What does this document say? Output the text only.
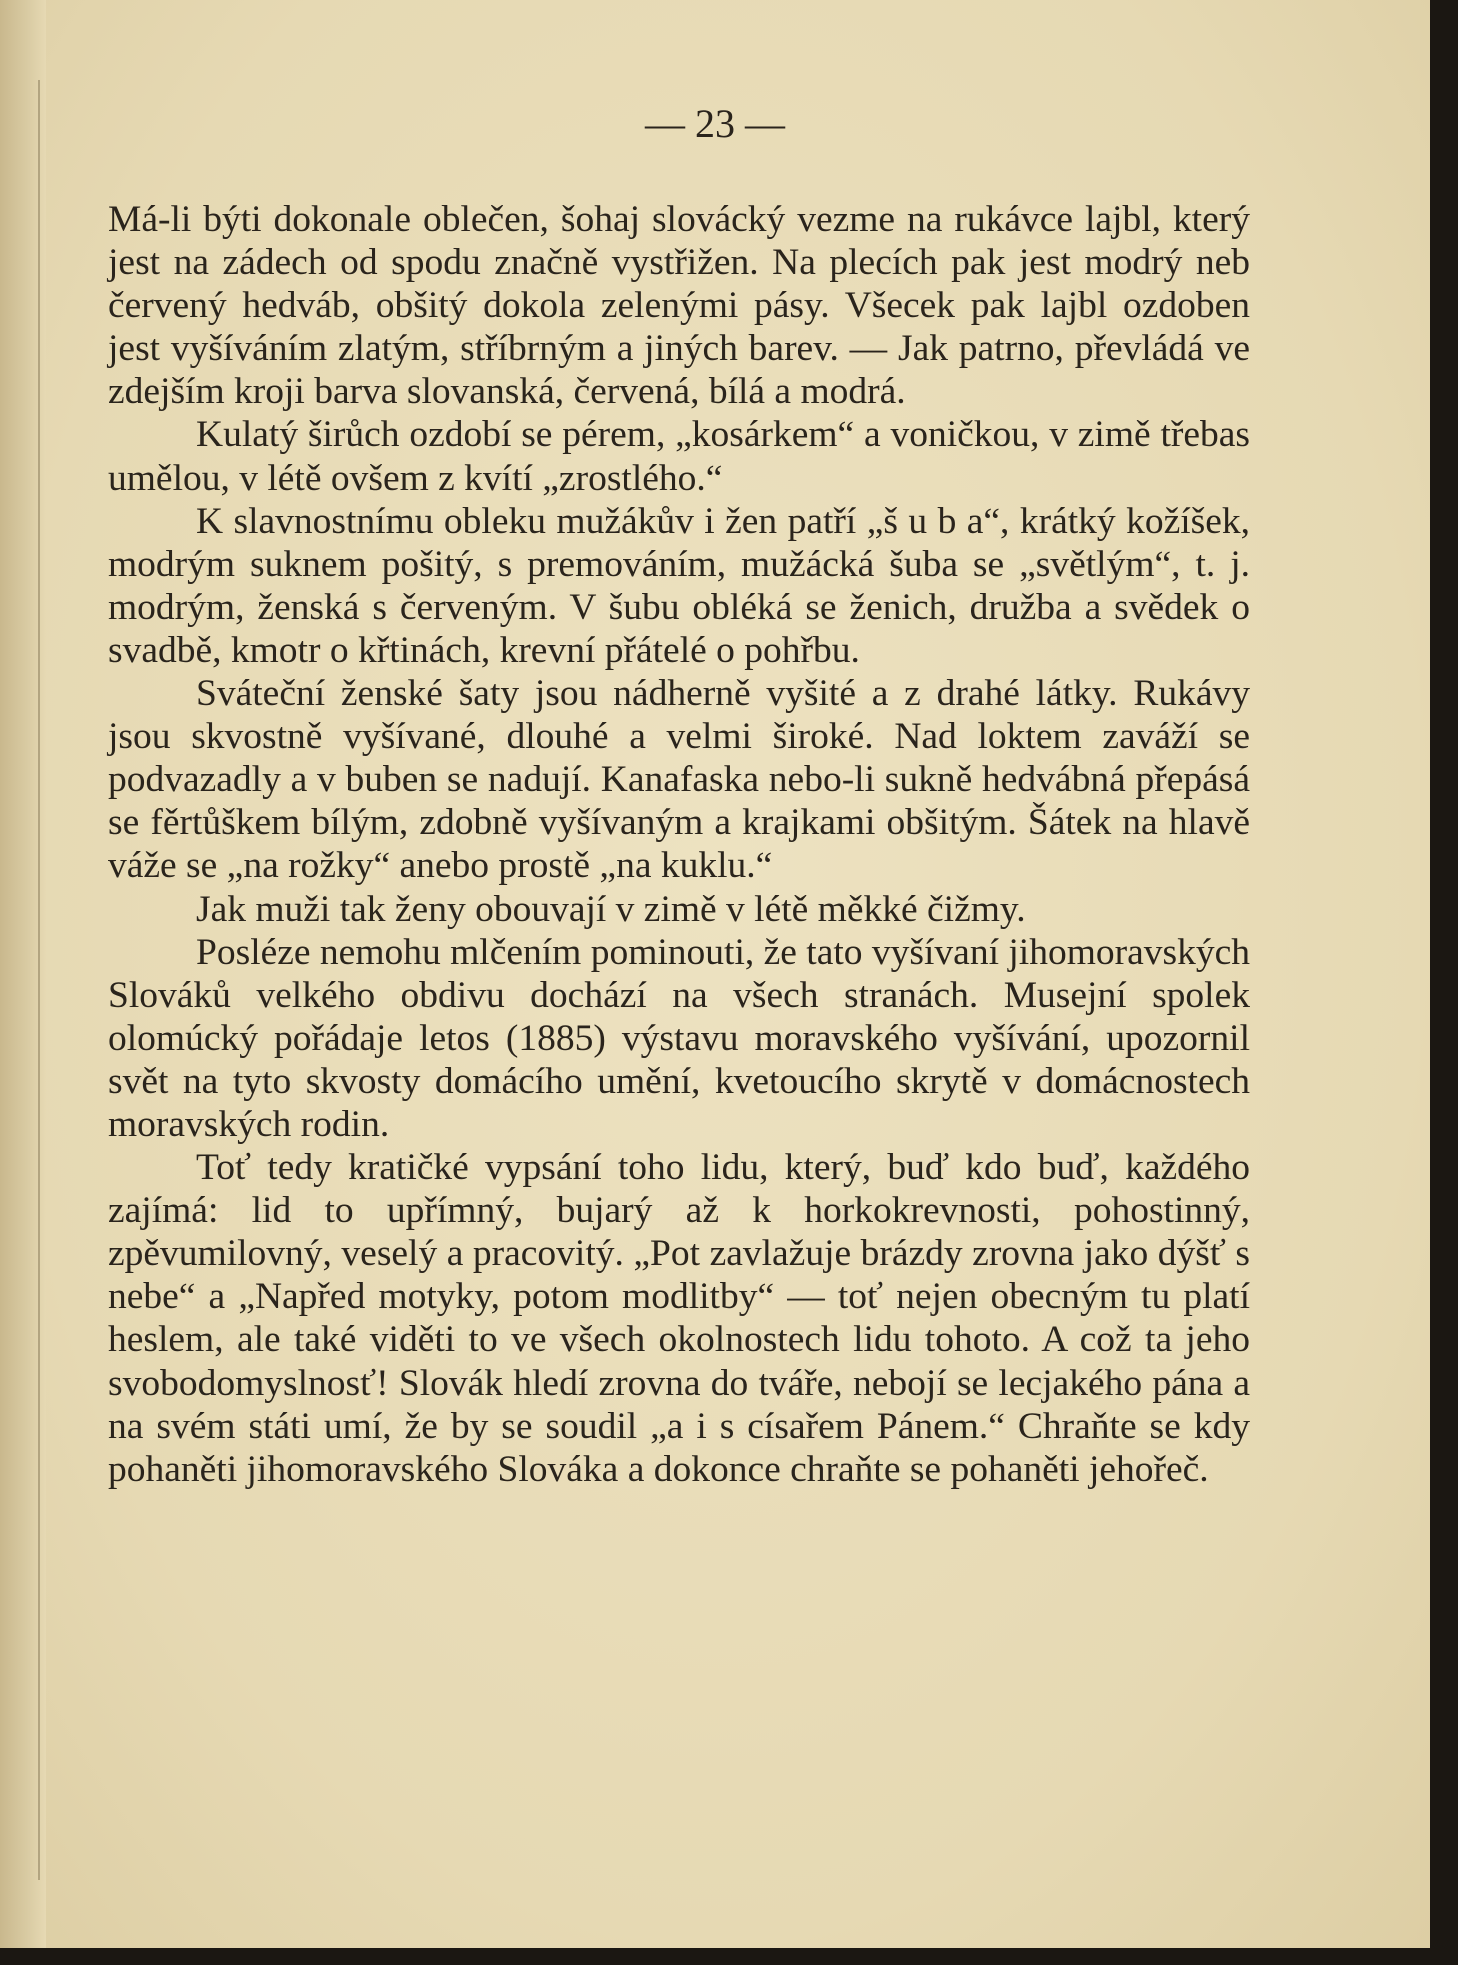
— 23 —

Má-li býti dokonale oblečen, šohaj slovácký vezme na rukávce lajbl, který jest na zádech od spodu značně vystřižen. Na plecích pak jest modrý neb červený hedváb, obšitý dokola zelenými pásy. Všecek pak lajbl ozdoben jest vyšíváním zlatým, stříbrným a jiných barev. — Jak patrno, převládá ve zdejším kroji barva slovanská, červená, bílá a modrá.

Kulatý širůch ozdobí se pérem, „kosárkem“ a voničkou, v zimě třebas umělou, v létě ovšem z kvítí „zrostlého.“

K slavnostnímu obleku mužákův i žen patří „š u b a“, krátký kožíšek, modrým suknem pošitý, s premováním, mužácká šuba se „světlým“, t. j. modrým, ženská s červeným. V šubu obléká se ženich, družba a svědek o svadbě, kmotr o křtinách, krevní přátelé o pohřbu.

Sváteční ženské šaty jsou nádherně vyšité a z drahé látky. Rukávy jsou skvostně vyšívané, dlouhé a velmi široké. Nad loktem zaváží se podvazadly a v buben se nadují. Kanafaska nebo-li sukně hedvábná přepásá se fěrtůškem bílým, zdobně vyšívaným a krajkami obšitým. Šátek na hlavě váže se „na rožky“ anebo prostě „na kuklu.“

Jak muži tak ženy obouvají v zimě v létě měkké čižmy.

Posléze nemohu mlčením pominouti, že tato vyšívaní jihomoravských Slováků velkého obdivu dochází na všech stranách. Musejní spolek olomúcký pořádaje letos (1885) výstavu moravského vyšívání, upozornil svět na tyto skvosty domácího umění, kvetoucího skrytě v domácnostech moravských rodin.

Toť tedy kratičké vypsání toho lidu, který, buď kdo buď, každého zajímá: lid to upřímný, bujarý až k horkokrevnosti, pohostinný, zpěvumilovný, veselý a pracovitý. „Pot zavlažuje brázdy zrovna jako dýšť s nebe“ a „Napřed motyky, potom modlitby“ — toť nejen obecným tu platí heslem, ale také viděti to ve všech okolnostech lidu tohoto. A což ta jeho svobodomyslnosť! Slovák hledí zrovna do tváře, nebojí se lecjakého pána a na svém státi umí, že by se soudil „a i s císařem Pánem.“ Chraňte se kdy pohaněti jihomoravského Slováka a dokonce chraňte se pohaněti jehořeč.
